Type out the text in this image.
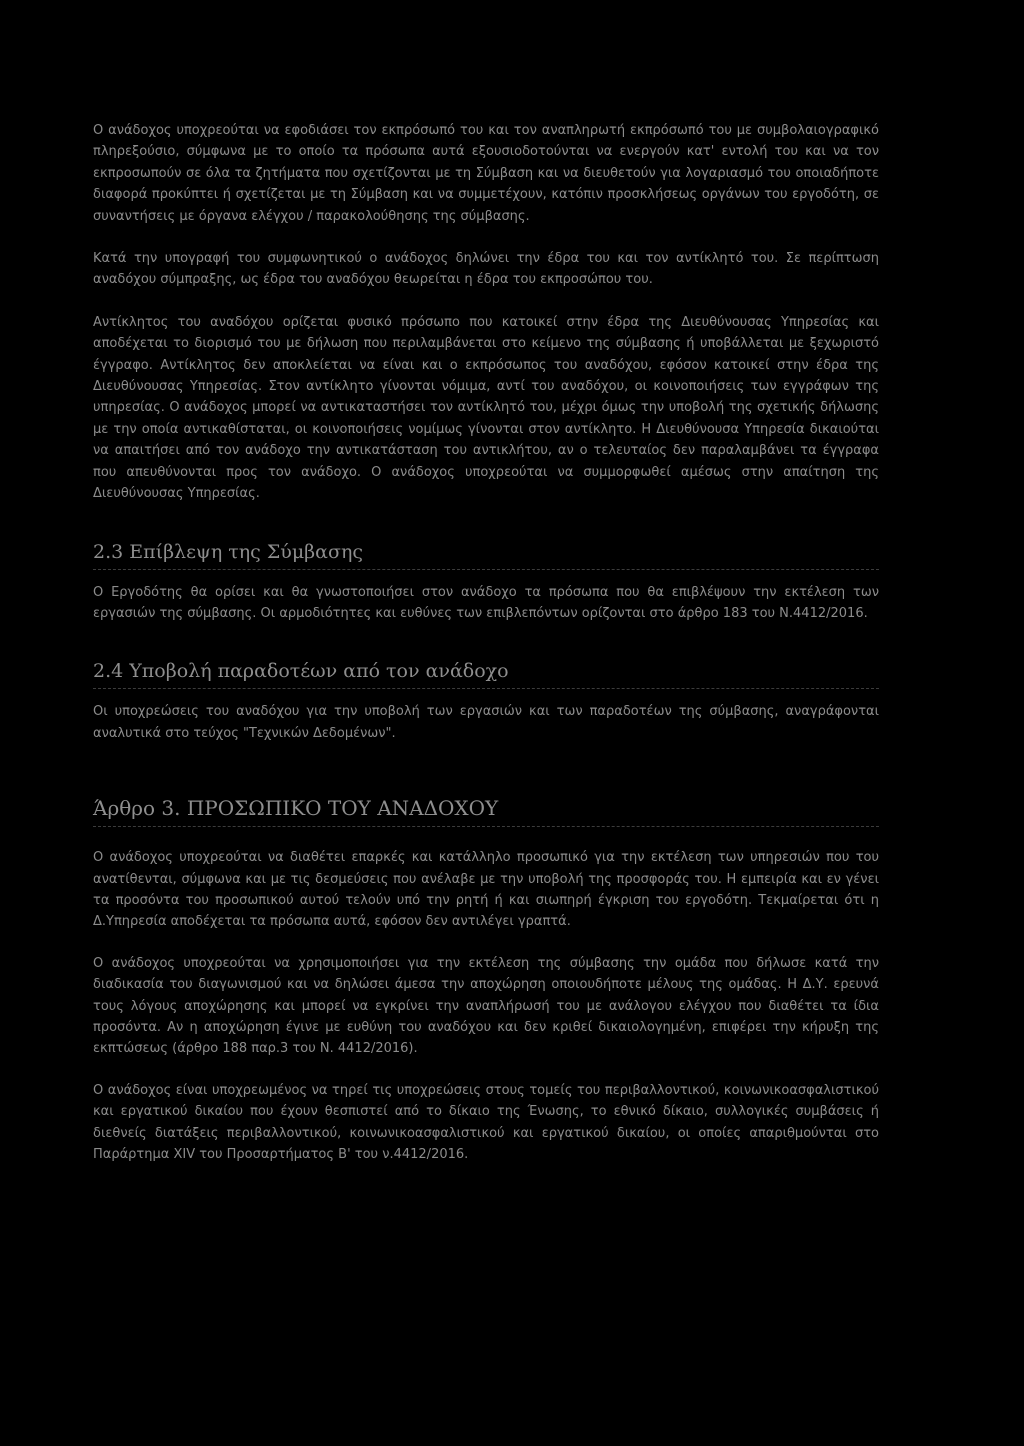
Ο ανάδοχος υποχρεούται να εφοδιάσει τον εκπρόσωπό του και τον αναπληρωτή εκπρόσωπό του με συμβολαιογραφικό πληρεξούσιο, σύμφωνα με το οποίο τα πρόσωπα αυτά εξουσιοδοτούνται να ενεργούν κατ' εντολή του και να τον εκπροσωπούν σε όλα τα ζητήματα που σχετίζονται με τη Σύμβαση και να διευθετούν για λογαριασμό του οποιαδήποτε διαφορά προκύπτει ή σχετίζεται με τη Σύμβαση και να συμμετέχουν, κατόπιν προσκλήσεως οργάνων του εργοδότη, σε συναντήσεις με όργανα ελέγχου / παρακολούθησης της σύμβασης.

Κατά την υπογραφή του συμφωνητικού ο ανάδοχος δηλώνει την έδρα του και τον αντίκλητό του. Σε περίπτωση αναδόχου σύμπραξης, ως έδρα του αναδόχου θεωρείται η έδρα του εκπροσώπου του.

Αντίκλητος του αναδόχου ορίζεται φυσικό πρόσωπο που κατοικεί στην έδρα της Διευθύνουσας Υπηρεσίας και αποδέχεται το διορισμό του με δήλωση που περιλαμβάνεται στο κείμενο της σύμβασης ή υποβάλλεται με ξεχωριστό έγγραφο. Αντίκλητος δεν αποκλείεται να είναι και ο εκπρόσωπος του αναδόχου, εφόσον κατοικεί στην έδρα της Διευθύνουσας Υπηρεσίας. Στον αντίκλητο γίνονται νόμιμα, αντί του αναδόχου, οι κοινοποιήσεις των εγγράφων της υπηρεσίας. Ο ανάδοχος μπορεί να αντικαταστήσει τον αντίκλητό του, μέχρι όμως την υποβολή της σχετικής δήλωσης με την οποία αντικαθίσταται, οι κοινοποιήσεις νομίμως γίνονται στον αντίκλητο. Η Διευθύνουσα Υπηρεσία δικαιούται να απαιτήσει από τον ανάδοχο την αντικατάσταση του αντικλήτου, αν ο τελευταίος δεν παραλαμβάνει τα έγγραφα που απευθύνονται προς τον ανάδοχο. Ο ανάδοχος υποχρεούται να συμμορφωθεί αμέσως στην απαίτηση της Διευθύνουσας Υπηρεσίας.

2.3 Επίβλεψη της Σύμβασης

Ο Εργοδότης θα ορίσει και θα γνωστοποιήσει στον ανάδοχο τα πρόσωπα που θα επιβλέψουν την εκτέλεση των εργασιών της σύμβασης. Οι αρμοδιότητες και ευθύνες των επιβλεπόντων ορίζονται στο άρθρο 183 του Ν.4412/2016.

2.4 Υποβολή παραδοτέων από τον ανάδοχο

Οι υποχρεώσεις του αναδόχου για την υποβολή των εργασιών και των παραδοτέων της σύμβασης, αναγράφονται αναλυτικά στο τεύχος "Τεχνικών Δεδομένων".

Άρθρο 3. ΠΡΟΣΩΠΙΚΟ ΤΟΥ ΑΝΑΔΟΧΟΥ

Ο ανάδοχος υποχρεούται να διαθέτει επαρκές και κατάλληλο προσωπικό για την εκτέλεση των υπηρεσιών που του ανατίθενται, σύμφωνα και με τις δεσμεύσεις που ανέλαβε με την υποβολή της προσφοράς του. Η εμπειρία και εν γένει τα προσόντα του προσωπικού αυτού τελούν υπό την ρητή ή και σιωπηρή έγκριση του εργοδότη. Τεκμαίρεται ότι η Δ.Υπηρεσία αποδέχεται τα πρόσωπα αυτά, εφόσον δεν αντιλέγει γραπτά.

Ο ανάδοχος υποχρεούται να χρησιμοποιήσει για την εκτέλεση της σύμβασης την ομάδα που δήλωσε κατά την διαδικασία του διαγωνισμού και να δηλώσει άμεσα την αποχώρηση οποιουδήποτε μέλους της ομάδας. Η Δ.Υ. ερευνά τους λόγους αποχώρησης και μπορεί να εγκρίνει την αναπλήρωσή του με ανάλογου ελέγχου που διαθέτει τα ίδια προσόντα. Αν η αποχώρηση έγινε με ευθύνη του αναδόχου και δεν κριθεί δικαιολογημένη, επιφέρει την κήρυξη της εκπτώσεως (άρθρο 188 παρ.3 του Ν. 4412/2016).

Ο ανάδοχος είναι υποχρεωμένος να τηρεί τις υποχρεώσεις στους τομείς του περιβαλλοντικού, κοινωνικοασφαλιστικού και εργατικού δικαίου που έχουν θεσπιστεί από το δίκαιο της Ένωσης, το εθνικό δίκαιο, συλλογικές συμβάσεις ή διεθνείς διατάξεις περιβαλλοντικού, κοινωνικοασφαλιστικού και εργατικού δικαίου, οι οποίες απαριθμούνται στο Παράρτημα XIV του Προσαρτήματος Β' του ν.4412/2016.
